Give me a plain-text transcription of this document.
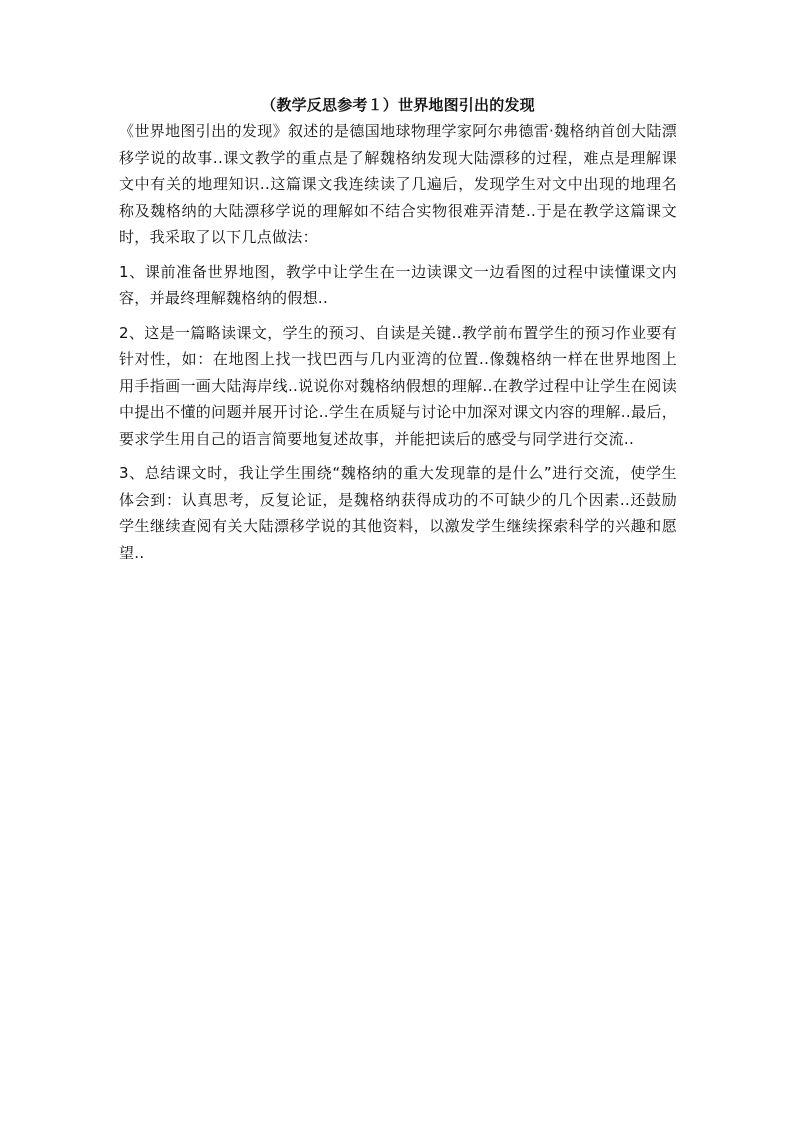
（教学反思参考１）世界地图引出的发现

《世界地图引出的发现》叙述的是德国地球物理学家阿尔弗德雷·魏格纳首创大陆漂移学说的故事..课文教学的重点是了解魏格纳发现大陆漂移的过程，难点是理解课文中有关的地理知识..这篇课文我连续读了几遍后，发现学生对文中出现的地理名称及魏格纳的大陆漂移学说的理解如不结合实物很难弄清楚..于是在教学这篇课文时，我采取了以下几点做法：

1、课前准备世界地图，教学中让学生在一边读课文一边看图的过程中读懂课文内容，并最终理解魏格纳的假想..

2、这是一篇略读课文，学生的预习、自读是关键..教学前布置学生的预习作业要有针对性，如：在地图上找一找巴西与几内亚湾的位置..像魏格纳一样在世界地图上用手指画一画大陆海岸线..说说你对魏格纳假想的理解..在教学过程中让学生在阅读中提出不懂的问题并展开讨论..学生在质疑与讨论中加深对课文内容的理解..最后，要求学生用自己的语言简要地复述故事，并能把读后的感受与同学进行交流..

3、总结课文时，我让学生围绕“魏格纳的重大发现靠的是什么”进行交流，使学生体会到：认真思考，反复论证，是魏格纳获得成功的不可缺少的几个因素..还鼓励学生继续查阅有关大陆漂移学说的其他资料，以激发学生继续探索科学的兴趣和愿望..
